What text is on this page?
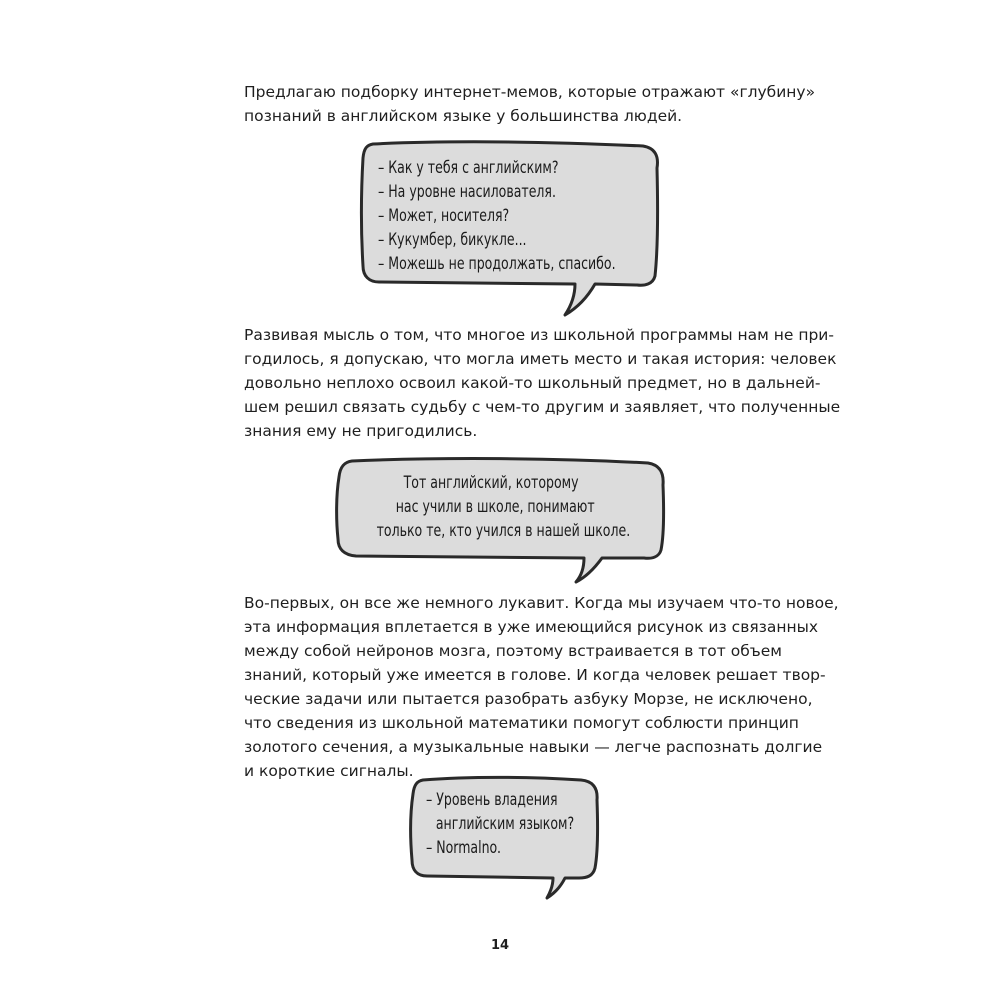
Предлагаю подборку интернет-мемов, которые отражают «глубину»
познаний в английском языке у большинства людей.
– Как у тебя с английским?
– На уровне насилователя.
– Может, носителя?
– Кукумбер, бикукле...
– Можешь не продолжать, спасибо.
Развивая мысль о том, что многое из школьной программы нам не при-
годилось, я допускаю, что могла иметь место и такая история: человек
довольно неплохо освоил какой-то школьный предмет, но в дальней-
шем решил связать судьбу с чем-то другим и заявляет, что полученные
знания ему не пригодились.
Тот английский, которому
нас учили в школе, понимают
только те, кто учился в нашей школе.
Во-первых, он все же немного лукавит. Когда мы изучаем что-то новое,
эта информация вплетается в уже имеющийся рисунок из связанных
между собой нейронов мозга, поэтому встраивается в тот объем
знаний, который уже имеется в голове. И когда человек решает твор-
ческие задачи или пытается разобрать азбуку Морзе, не исключено,
что сведения из школьной математики помогут соблюсти принцип
золотого сечения, а музыкальные навыки — легче распознать долгие
и короткие сигналы.
– Уровень владения
английским языком?
– Normalno.
14
